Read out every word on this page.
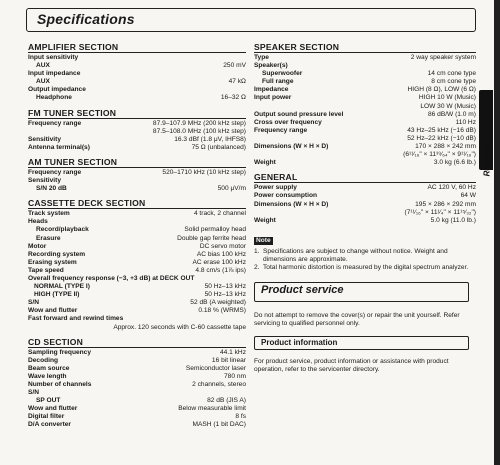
Specifications
AMPLIFIER SECTION
Input sensitivity
AUX	250 mV
Input impedance
AUX	47 kΩ
Output impedance
Headphone	16–32 Ω
FM TUNER SECTION
Frequency range	87.9–107.9 MHz (200 kHz step)
87.5–108.0 MHz (100 kHz step)
Sensitivity	16.3 dBf (1.8 μV, IHFS8)
Antenna terminal(s)	75 Ω (unbalanced)
AM TUNER SECTION
Frequency range	520–1710 kHz (10 kHz step)
Sensitivity
S/N 20 dB	500 μV/m
CASSETTE DECK SECTION
Track system	4 track, 2 channel
Heads
Record/playback	Solid permalloy head
Erasure	Double gap ferrite head
Motor	DC servo motor
Recording system	AC bias 100 kHz
Erasing system	AC erase 100 kHz
Tape speed	4.8 cm/s (1⅞ ips)
Overall frequency response (−3, +3 dB) at DECK OUT
NORMAL (TYPE I)	50 Hz–13 kHz
HIGH (TYPE II)	50 Hz–13 kHz
S/N	52 dB (A weighted)
Wow and flutter	0.18 % (WRMS)
Fast forward and rewind times
Approx. 120 seconds with C-60 cassette tape
CD SECTION
Sampling frequency	44.1 kHz
Decoding	16 bit linear
Beam source	Semiconductor laser
Wave length	780 nm
Number of channels	2 channels, stereo
S/N
SP OUT	82 dB (JIS A)
Wow and flutter	Below measurable limit
Digital filter	8 fs
D/A converter	MASH (1 bit DAC)
SPEAKER SECTION
Type	2 way speaker system
Speaker(s)
Superwoofer	14 cm cone type
Full range	8 cm cone type
Impedance	HIGH (8 Ω), LOW (6 Ω)
Input power	HIGH 10 W (Music)
LOW 30 W (Music)
Output sound pressure level	86 dB/W (1.0 m)
Cross over frequency	110 Hz
Frequency range	43 Hz–25 kHz (−16 dB)
52 Hz–22 kHz (−10 dB)
Dimensions (W × H × D)	170 × 288 × 242 mm
(6¹¹⁄₁₆" × 11³⁹⁄₆₄" × 9¹¹⁄₁₆")
Weight	3.0 kg (6.6 lb.)
GENERAL
Power supply	AC 120 V, 60 Hz
Power consumption	64 W
Dimensions (W × H × D)	195 × 286 × 292 mm
(7¹¹⁄₁₆" × 11¹⁄₄" × 11¹⁵⁄₃₂")
Weight	5.0 kg (11.0 lb.)
Note
1. Specifications are subject to change without notice. Weight and dimensions are approximate.
2. Total harmonic distortion is measured by the digital spectrum analyzer.
Product service
Do not attempt to remove the cover(s) or repair the unit yourself. Refer servicing to qualified personnel only.
Product information
For product service, product information or assistance with product operation, refer to the servicenter directory.
Reference
